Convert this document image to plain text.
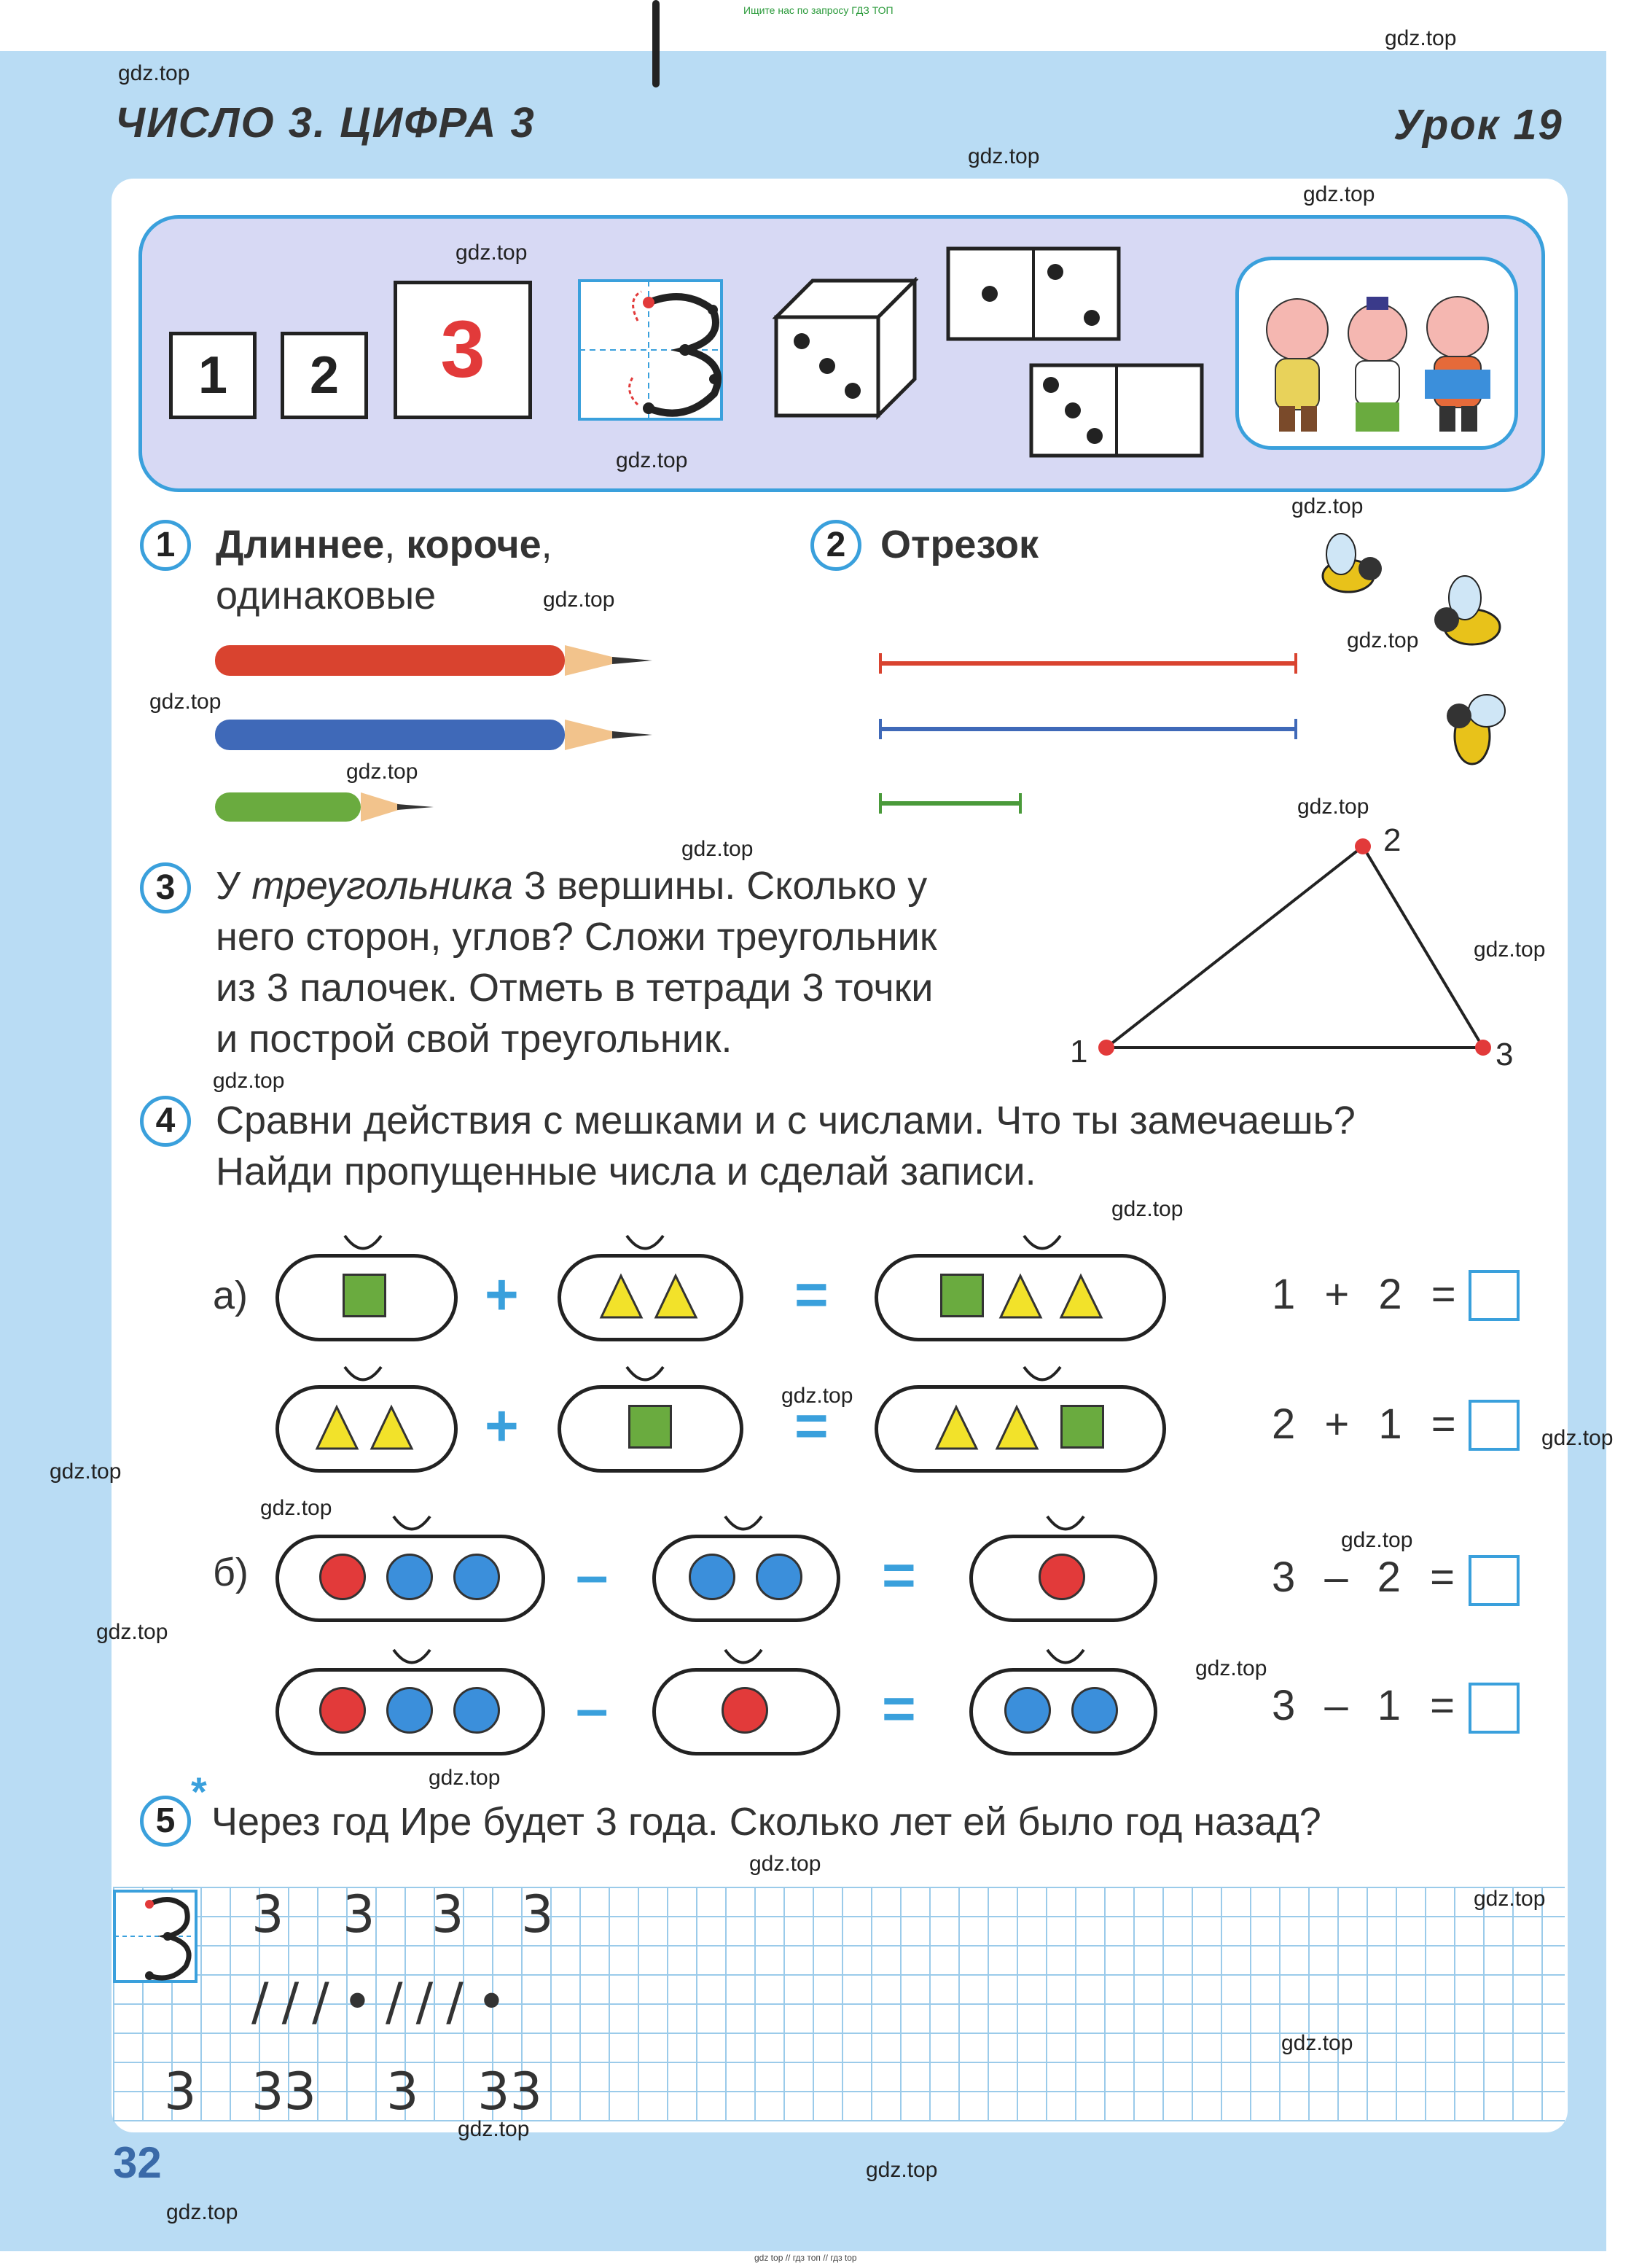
Ищите нас по запросу ГДЗ ТОП
ЧИСЛО 3. ЦИФРА 3	Урок 19
1	2	3
1	Длиннее, короче,
одинаковые
2 Отрезок
3	У треугольника 3 вершины. Сколько у
него сторон, углов? Сложи треугольник
из 3 палочек. Отметь в тетради 3 точки
и построй свой треугольник.	1
2
3
4	Сравни действия с мешками и с числами. Что ты замечаешь?
Найди пропущенные числа и сделай записи.
а)
б)
+	=	1 + 2 =
+	=	2 + 1 =
–	=	3 – 2 =
–	=	3 – 1 =
*
5 Через год Ире будет 3 года. Сколько лет ей было год назад?
3 3 3 3
///•///•
3 33 3 33
32
gdz.top
gdz.top
gdz.top
gdz.top
gdz.top
gdz.top
gdz.top
gdz.top
gdz.top
gdz.top
gdz.top
gdz.top
gdz.top
gdz.top
gdz.top
gdz.top
gdz.top
gdz.top
gdz.top
gdz.top
gdz.top
gdz.top
gdz.top
gdz.top
gdz.top
gdz.top
gdz.top
gdz.top
gdz.top
gdz.top
gdz top // гдз топ // гдз top
